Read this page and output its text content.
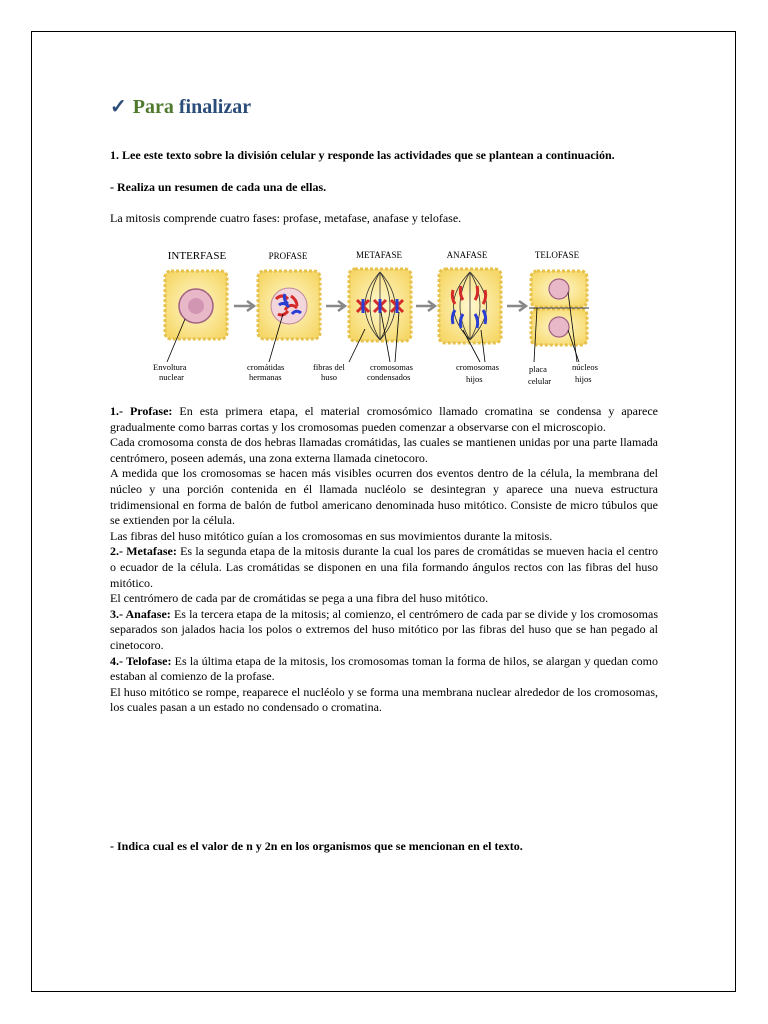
✓ Para finalizar
1. Lee este texto sobre la división celular y responde las actividades que se plantean a continuación.
- Realiza un resumen de cada una de ellas.
La mitosis comprende cuatro fases: profase, metafase, anafase y telofase.
INTERFASE	PROFASE	METAFASE	ANAFASE	TELOFASE
Envoltura
nuclear
cromátidas
hermanas
fibras del
huso
cromosomas
condensados
cromosomas
hijos
placa
celular
núcleos
hijos

1.- Profase: En esta primera etapa, el material cromosómico llamado cromatina se condensa y aparece gradualmente como barras cortas y los cromosomas pueden comenzar a observarse con el microscopio.

Cada cromosoma consta de dos hebras llamadas cromátidas, las cuales se mantienen unidas por una parte llamada centrómero, poseen además, una zona externa llamada cinetocoro.

A medida que los cromosomas se hacen más visibles ocurren dos eventos dentro de la célula, la membrana del núcleo y una porción contenida en él llamada nucléolo se desintegran y aparece una nueva estructura tridimensional en forma de balón de futbol americano denominada huso mitótico. Consiste de micro túbulos que se extienden por la célula.

Las fibras del huso mitótico guían a los cromosomas en sus movimientos durante la mitosis.

2.- Metafase: Es la segunda etapa de la mitosis durante la cual los pares de cromátidas se mueven hacia el centro o ecuador de la célula. Las cromátidas se disponen en una fila formando ángulos rectos con las fibras del huso mitótico.

El centrómero de cada par de cromátidas se pega a una fibra del huso mitótico.

3.- Anafase: Es la tercera etapa de la mitosis; al comienzo, el centrómero de cada par se divide y los cromosomas separados son jalados hacia los polos o extremos del huso mitótico por las fibras del huso que se han pegado al cinetocoro.

4.- Telofase: Es la última etapa de la mitosis, los cromosomas toman la forma de hilos, se alargan y quedan como estaban al comienzo de la profase.

El huso mitótico se rompe, reaparece el nucléolo y se forma una membrana nuclear alrededor de los cromosomas, los cuales pasan a un estado no condensado o cromatina.

- Indica cual es el valor de n y 2n en los organismos que se mencionan en el texto.
